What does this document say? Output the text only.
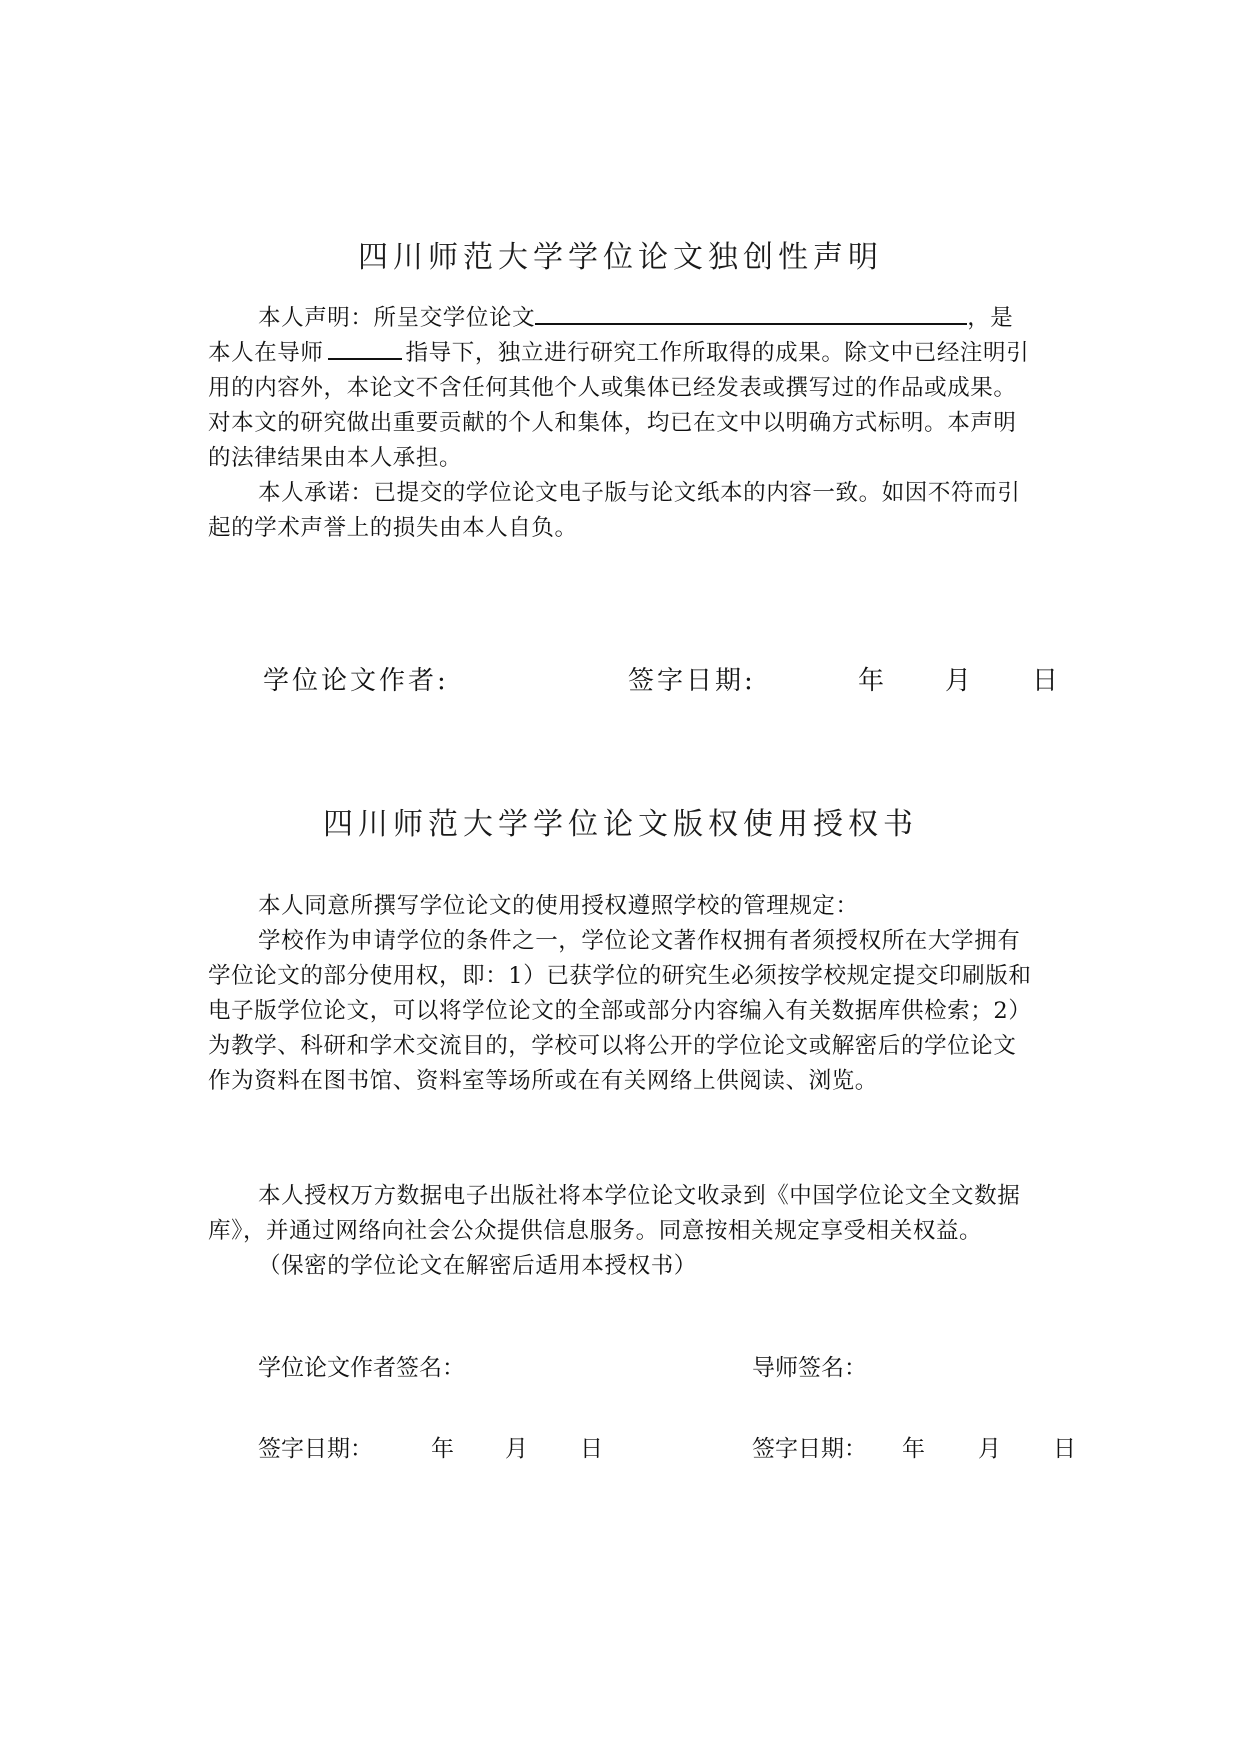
四川师范大学学位论文独创性声明
本人声明：所呈交学位论文	，是
本人在导师	指导下，独立进行研究工作所取得的成果。除文中已经注明引
用的内容外，本论文不含任何其他个人或集体已经发表或撰写过的作品或成果。
对本文的研究做出重要贡献的个人和集体，均已在文中以明确方式标明。本声明
的法律结果由本人承担。
本人承诺：已提交的学位论文电子版与论文纸本的内容一致。如因不符而引
起的学术声誉上的损失由本人自负。
学位论文作者:	签字日期:	年 月 日
四川师范大学学位论文版权使用授权书
本人同意所撰写学位论文的使用授权遵照学校的管理规定：
学校作为申请学位的条件之一，学位论文著作权拥有者须授权所在大学拥有
学位论文的部分使用权，即：1）已获学位的研究生必须按学校规定提交印刷版和
电子版学位论文，可以将学位论文的全部或部分内容编入有关数据库供检索；2）
为教学、科研和学术交流目的，学校可以将公开的学位论文或解密后的学位论文
作为资料在图书馆、资料室等场所或在有关网络上供阅读、浏览。
本人授权万方数据电子出版社将本学位论文收录到《中国学位论文全文数据
库》，并通过网络向社会公众提供信息服务。同意按相关规定享受相关权益。
（保密的学位论文在解密后适用本授权书）
学位论文作者签名：	导师签名：
签字日期：	年 月 日	签字日期： 年 月 日
